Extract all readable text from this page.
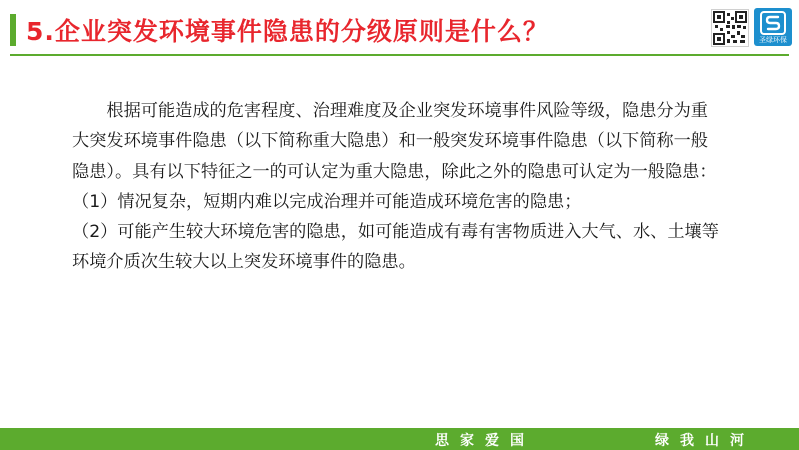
5.企业突发环境事件隐患的分级原则是什么？	圣绿环保

根据可能造成的危害程度、治理难度及企业突发环境事件风险等级，隐患分为重大突发环境事件隐患（以下简称重大隐患）和一般突发环境事件隐患（以下简称一般隐患）。具有以下特征之一的可认定为重大隐患，除此之外的隐患可认定为一般隐患：

（1）情况复杂，短期内难以完成治理并可能造成环境危害的隐患；

（2）可能产生较大环境危害的隐患，如可能造成有毒有害物质进入大气、水、土壤等环境介质次生较大以上突发环境事件的隐患。

思家爱国	绿我山河
